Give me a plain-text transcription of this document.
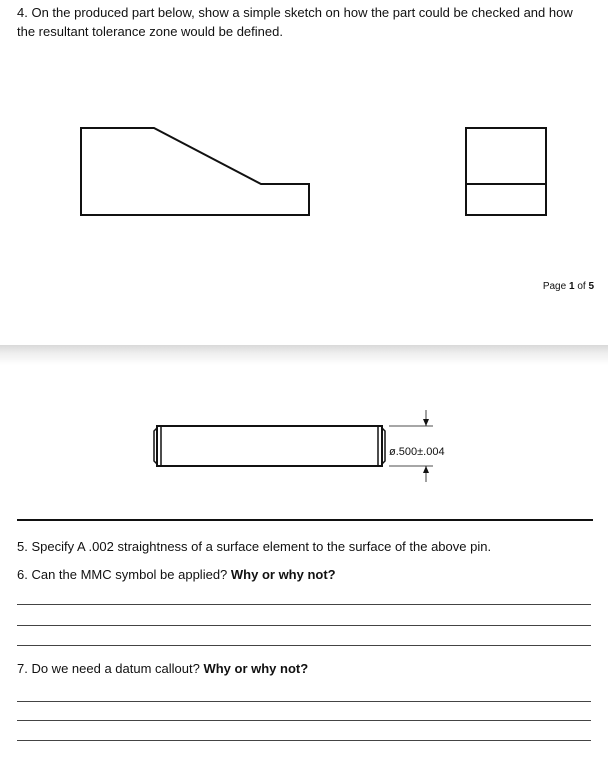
4. On the produced part below, show a simple sketch on how the part could be checked and how the resultant tolerance zone would be defined.
Page 1 of 5
ø.500±.004
5. Specify A .002 straightness of a surface element to the surface of the above pin.
6. Can the MMC symbol be applied? Why or why not?
7. Do we need a datum callout? Why or why not?
